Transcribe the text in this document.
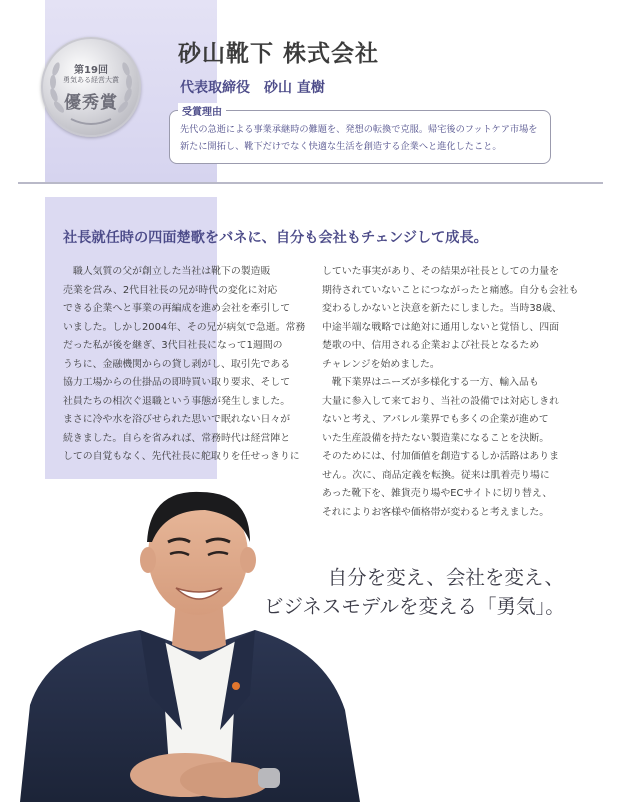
第19回
勇気ある経営大賞
優秀賞
砂山靴下 株式会社
代表取締役　砂山 直樹
受賞理由
先代の急逝による事業承継時の難題を、発想の転換で克服。帰宅後のフットケア市場を
新たに開拓し、靴下だけでなく快適な生活を創造する企業へと進化したこと。
社長就任時の四面楚歌をバネに、自分も会社もチェンジして成長。
　職人気質の父が創立した当社は靴下の製造販
売業を営み、2代目社長の兄が時代の変化に対応
できる企業へと事業の再編成を進め会社を牽引して
いました。しかし2004年、その兄が病気で急逝。常務
だった私が後を継ぎ、3代目社長になって1週間の
うちに、金融機関からの貸し剥がし、取引先である
協力工場からの仕掛品の即時買い取り要求、そして
社員たちの相次ぐ退職という事態が発生しました。
まさに冷や水を浴びせられた思いで眠れない日々が
続きました。自らを省みれば、常務時代は経営陣と
しての自覚もなく、先代社長に舵取りを任せっきりに
していた事実があり、その結果が社長としての力量を
期待されていないことにつながったと痛感。自分も会社も
変わるしかないと決意を新たにしました。当時38歳、
中途半端な戦略では絶対に通用しないと覚悟し、四面
楚歌の中、信用される企業および社長となるため
チャレンジを始めました。
　靴下業界はニーズが多様化する一方、輸入品も
大量に参入して来ており、当社の設備では対応しきれ
ないと考え、アパレル業界でも多くの企業が進めて
いた生産設備を持たない製造業になることを決断。
そのためには、付加価値を創造するしか活路はありま
せん。次に、商品定義を転換。従来は肌着売り場に
あった靴下を、雑貨売り場やECサイトに切り替え、
それによりお客様や価格帯が変わると考えました。
自分を変え、会社を変え、
ビジネスモデルを変える「勇気」。
